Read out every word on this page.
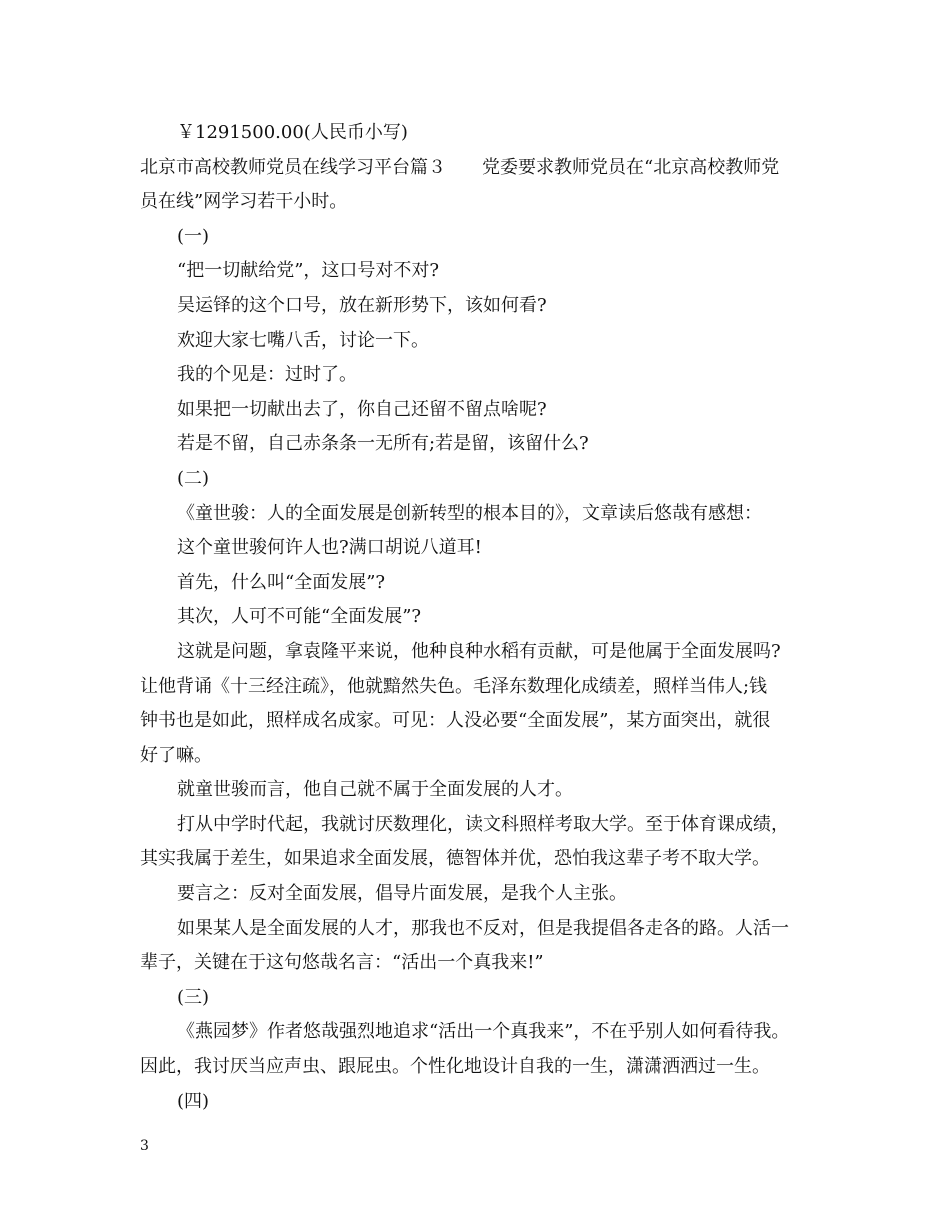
￥1291500.00(人民币小写)
北京市高校教师党员在线学习平台篇３　　党委要求教师党员在“北京高校教师党
员在线”网学习若干小时。
(一)
“把一切献给党”，这口号对不对?
吴运铎的这个口号，放在新形势下，该如何看?
欢迎大家七嘴八舌，讨论一下。
我的个见是：过时了。
如果把一切献出去了，你自己还留不留点啥呢?
若是不留，自己赤条条一无所有;若是留，该留什么?
(二)
《童世骏：人的全面发展是创新转型的根本目的》，文章读后悠哉有感想：
这个童世骏何许人也?满口胡说八道耳!
首先，什么叫“全面发展”?
其次，人可不可能“全面发展”?
这就是问题，拿袁隆平来说，他种良种水稻有贡献，可是他属于全面发展吗?
让他背诵《十三经注疏》，他就黯然失色。毛泽东数理化成绩差，照样当伟人;钱
钟书也是如此，照样成名成家。可见：人没必要“全面发展”，某方面突出，就很
好了嘛。
就童世骏而言，他自己就不属于全面发展的人才。
打从中学时代起，我就讨厌数理化，读文科照样考取大学。至于体育课成绩，
其实我属于差生，如果追求全面发展，德智体并优，恐怕我这辈子考不取大学。
要言之：反对全面发展，倡导片面发展，是我个人主张。
如果某人是全面发展的人才，那我也不反对，但是我提倡各走各的路。人活一
辈子，关键在于这句悠哉名言：“活出一个真我来!”
(三)
《燕园梦》作者悠哉强烈地追求“活出一个真我来”，不在乎别人如何看待我。
因此，我讨厌当应声虫、跟屁虫。个性化地设计自我的一生，潇潇洒洒过一生。
(四)
3
